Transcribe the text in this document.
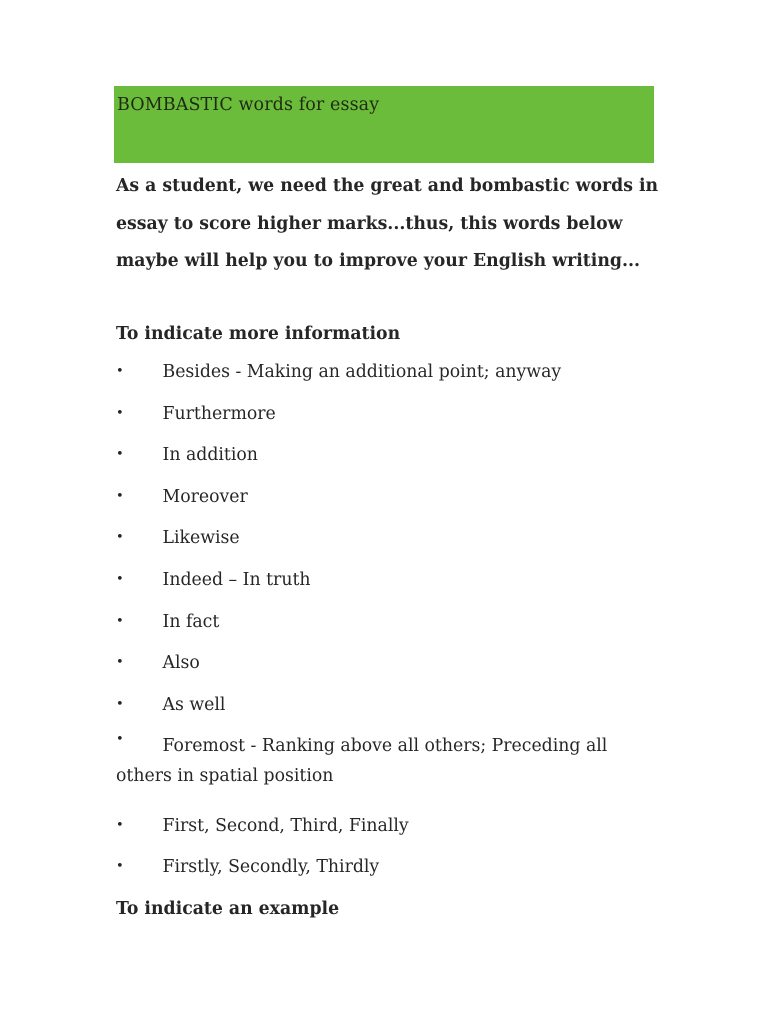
BOMBASTIC words for essay

As a student, we need the great and bombastic words in
essay to score higher marks...thus, this words below
maybe will help you to improve your English writing...

To indicate more information
•	Besides - Making an additional point; anyway
•	Furthermore
•	In addition
•	Moreover
•	Likewise
•	Indeed – In truth
•	In fact
•	Also
•	As well
•	Foremost - Ranking above all others; Preceding all
others in spatial position
•	First, Second, Third, Finally
•	Firstly, Secondly, Thirdly
To indicate an example
